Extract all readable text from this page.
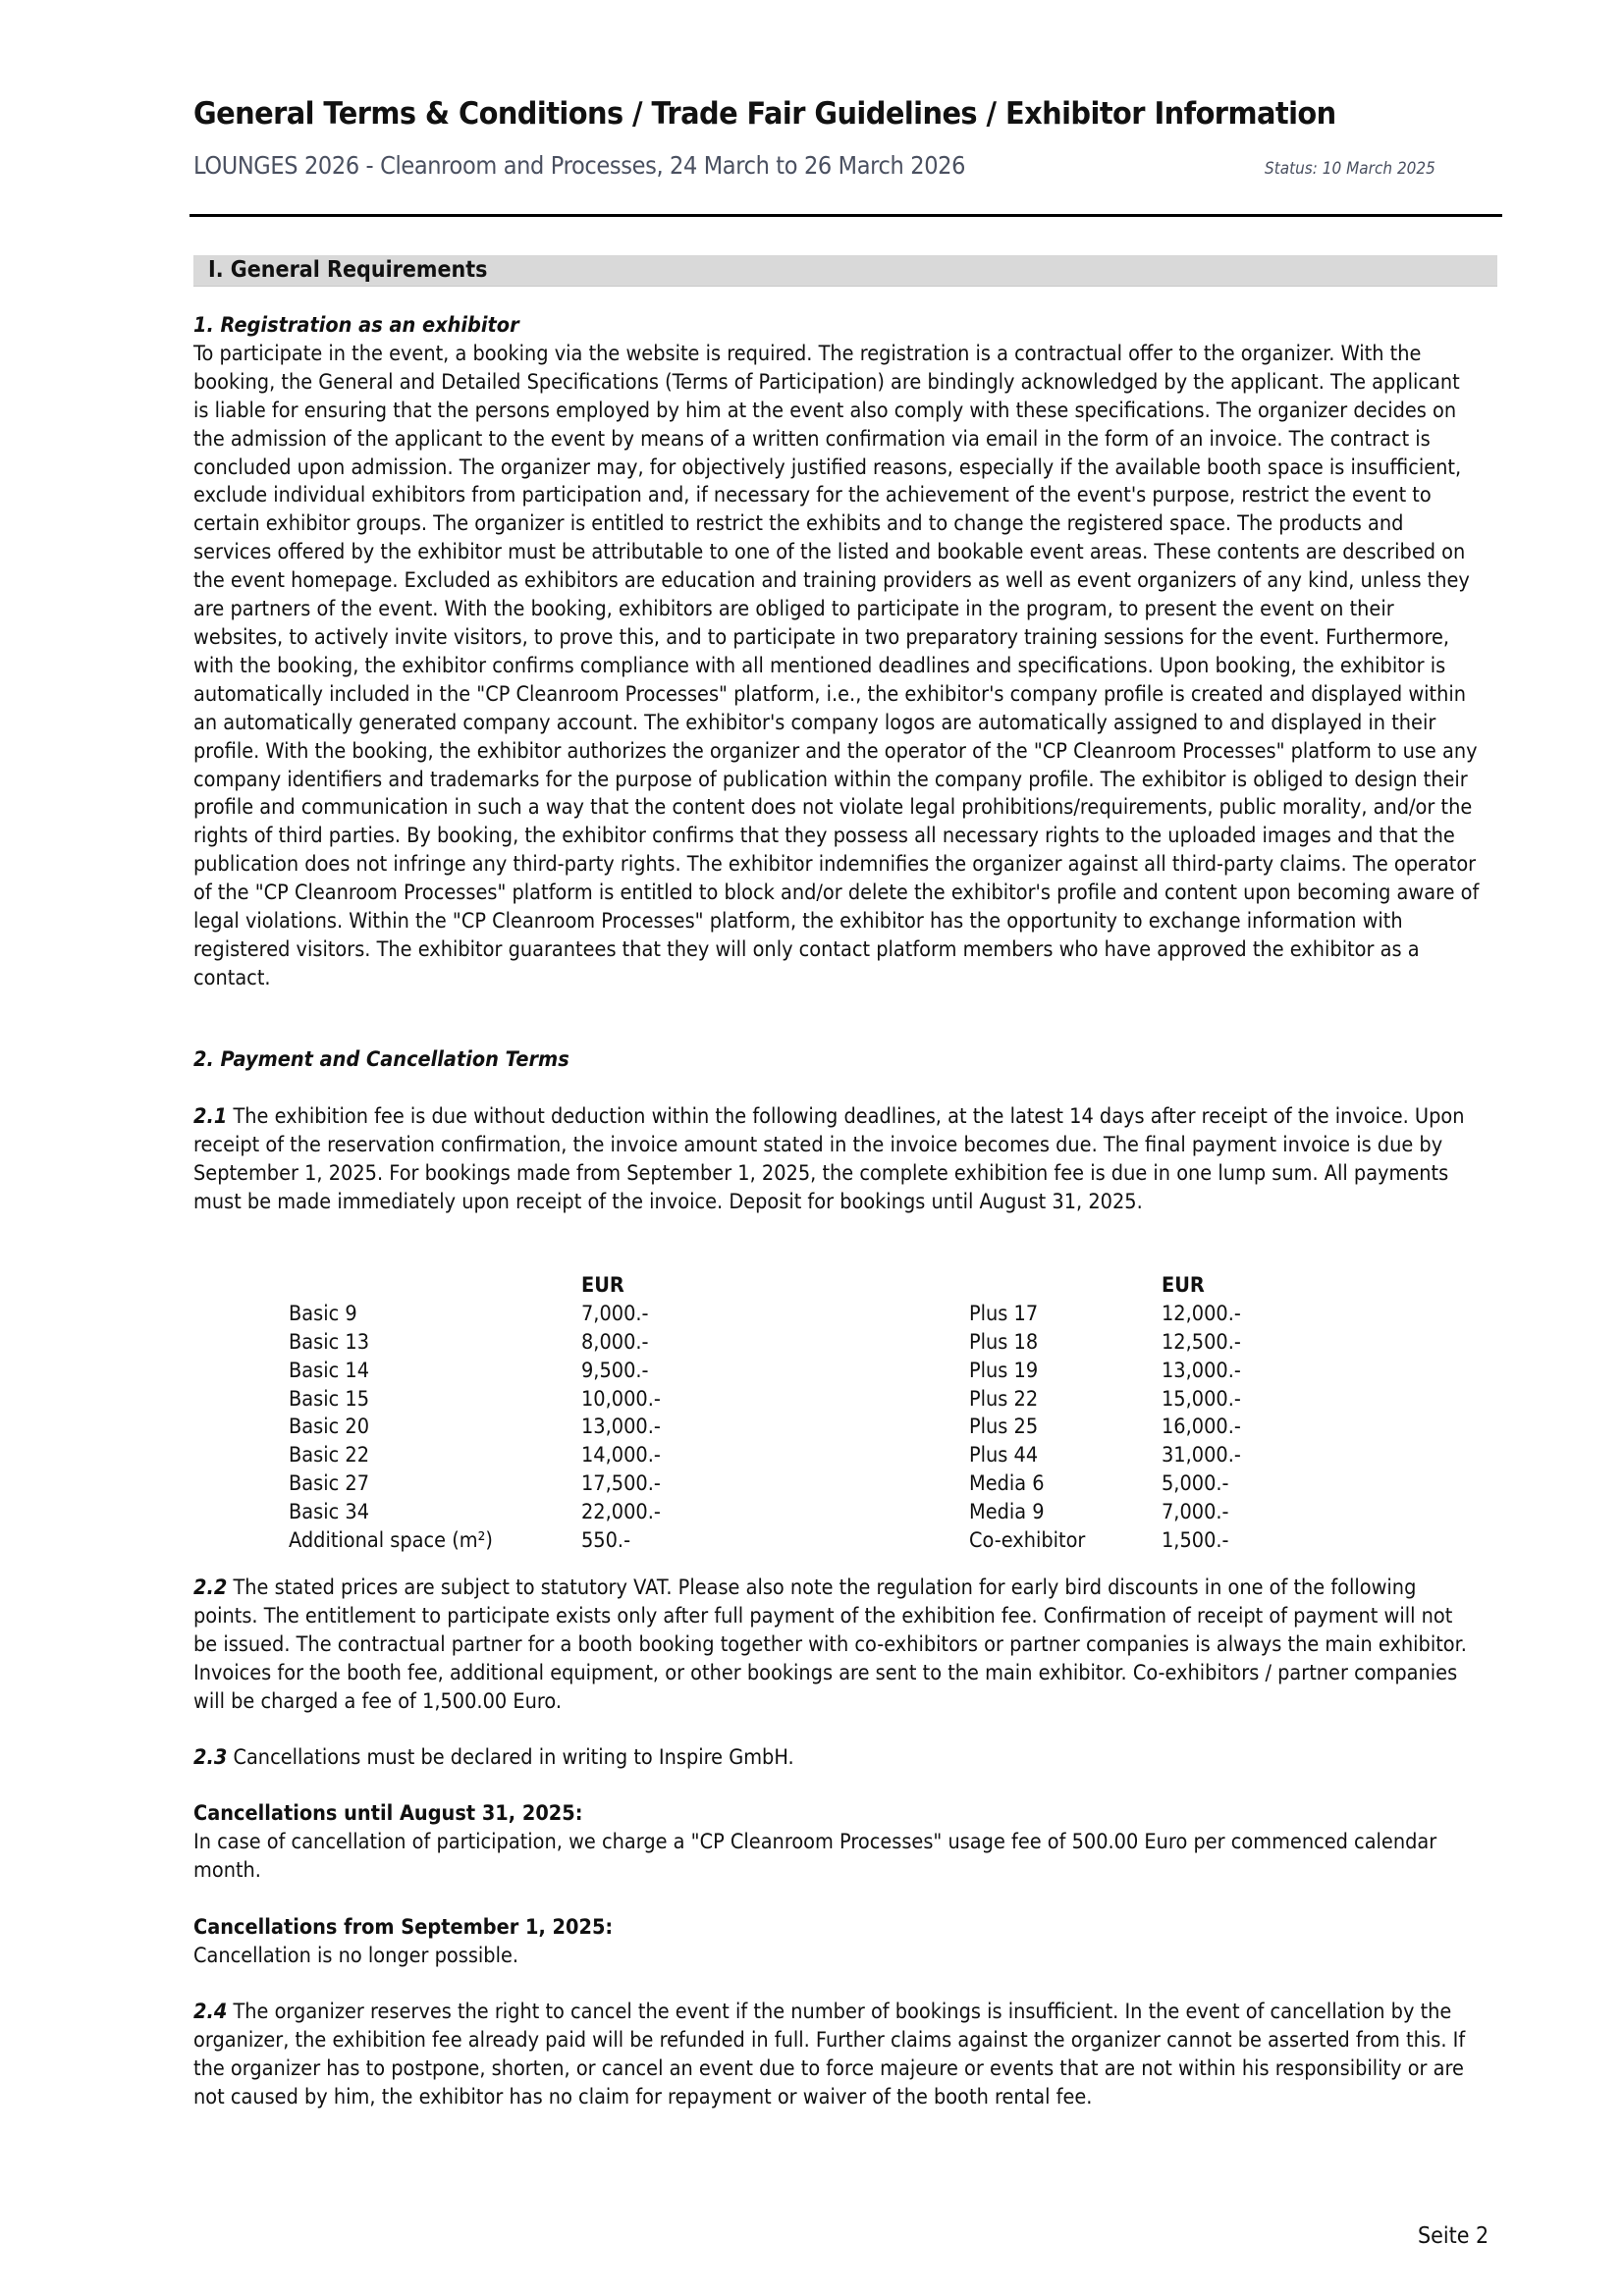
General Terms & Conditions / Trade Fair Guidelines / Exhibitor Information
LOUNGES 2026 - Cleanroom and Processes, 24 March to 26 March 2026	Status: 10 March 2025
I. General Requirements

1. Registration as an exhibitor

To participate in the event, a booking via the website is required. The registration is a contractual offer to the organizer. With the booking, the General and Detailed Specifications (Terms of Participation) are bindingly acknowledged by the applicant. The applicant is liable for ensuring that the persons employed by him at the event also comply with these specifications. The organizer decides on the admission of the applicant to the event by means of a written confirmation via email in the form of an invoice. The contract is concluded upon admission. The organizer may, for objectively justified reasons, especially if the available booth space is insufficient, exclude individual exhibitors from participation and, if necessary for the achievement of the event's purpose, restrict the event to certain exhibitor groups. The organizer is entitled to restrict the exhibits and to change the registered space. The products and services offered by the exhibitor must be attributable to one of the listed and bookable event areas. These contents are described on the event homepage. Excluded as exhibitors are education and training providers as well as event organizers of any kind, unless they are partners of the event. With the booking, exhibitors are obliged to participate in the program, to present the event on their websites, to actively invite visitors, to prove this, and to participate in two preparatory training sessions for the event. Furthermore, with the booking, the exhibitor confirms compliance with all mentioned deadlines and specifications. Upon booking, the exhibitor is automatically included in the "CP Cleanroom Processes" platform, i.e., the exhibitor's company profile is created and displayed within an automatically generated company account. The exhibitor's company logos are automatically assigned to and displayed in their profile. With the booking, the exhibitor authorizes the organizer and the operator of the "CP Cleanroom Processes" platform to use any company identifiers and trademarks for the purpose of publication within the company profile. The exhibitor is obliged to design their profile and communication in such a way that the content does not violate legal prohibitions/requirements, public morality, and/or the rights of third parties. By booking, the exhibitor confirms that they possess all necessary rights to the uploaded images and that the publication does not infringe any third-party rights. The exhibitor indemnifies the organizer against all third-party claims. The operator of the "CP Cleanroom Processes" platform is entitled to block and/or delete the exhibitor's profile and content upon becoming aware of legal violations. Within the "CP Cleanroom Processes" platform, the exhibitor has the opportunity to exchange information with registered visitors. The exhibitor guarantees that they will only contact platform members who have approved the exhibitor as a contact.

2. Payment and Cancellation Terms

2.1 The exhibition fee is due without deduction within the following deadlines, at the latest 14 days after receipt of the invoice. Upon receipt of the reservation confirmation, the invoice amount stated in the invoice becomes due. The final payment invoice is due by September 1, 2025. For bookings made from September 1, 2025, the complete exhibition fee is due in one lump sum. All payments must be made immediately upon receipt of the invoice. Deposit for bookings until August 31, 2025.

Basic 9
Basic 13
Basic 14
Basic 15
Basic 20
Basic 22
Basic 27
Basic 34
Additional space (m²)
EUR
7,000.-
8,000.-
9,500.-
10,000.-
13,000.-
14,000.-
17,500.-
22,000.-
550.-
Plus 17
Plus 18
Plus 19
Plus 22
Plus 25
Plus 44
Media 6
Media 9
Co-exhibitor
EUR
12,000.-
12,500.-
13,000.-
15,000.-
16,000.-
31,000.-
5,000.-
7,000.-
1,500.-

2.2 The stated prices are subject to statutory VAT. Please also note the regulation for early bird discounts in one of the following points. The entitlement to participate exists only after full payment of the exhibition fee. Confirmation of receipt of payment will not be issued. The contractual partner for a booth booking together with co-exhibitors or partner companies is always the main exhibitor. Invoices for the booth fee, additional equipment, or other bookings are sent to the main exhibitor. Co-exhibitors / partner companies will be charged a fee of 1,500.00 Euro.

2.3 Cancellations must be declared in writing to Inspire GmbH.

Cancellations until August 31, 2025:

In case of cancellation of participation, we charge a "CP Cleanroom Processes" usage fee of 500.00 Euro per commenced calendar month.

Cancellations from September 1, 2025:

Cancellation is no longer possible.

2.4 The organizer reserves the right to cancel the event if the number of bookings is insufficient. In the event of cancellation by the organizer, the exhibition fee already paid will be refunded in full. Further claims against the organizer cannot be asserted from this. If the organizer has to postpone, shorten, or cancel an event due to force majeure or events that are not within his responsibility or are not caused by him, the exhibitor has no claim for repayment or waiver of the booth rental fee.

Seite 2
